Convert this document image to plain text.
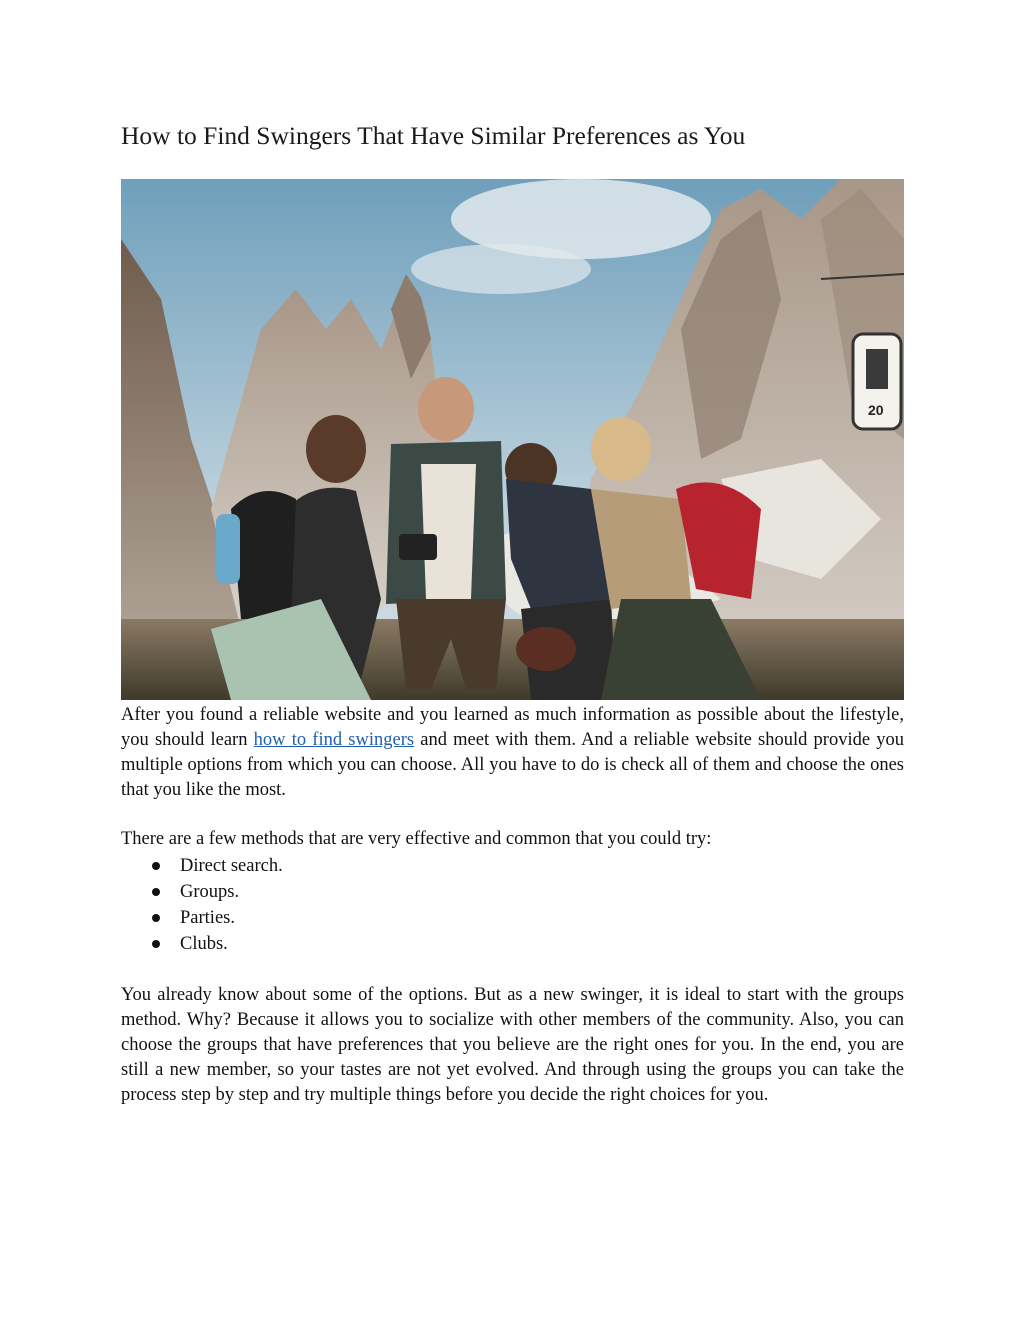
How to Find Swingers That Have Similar Preferences as You
20

After you found a reliable website and you learned as much information as possible about the lifestyle, you should learn how to find swingers and meet with them. And a reliable website should provide you multiple options from which you can choose. All you have to do is check all of them and choose the ones that you like the most.

There are a few methods that are very effective and common that you could try:

Direct search.
Groups.
Parties.
Clubs.

You already know about some of the options. But as a new swinger, it is ideal to start with the groups method. Why? Because it allows you to socialize with other members of the community. Also, you can choose the groups that have preferences that you believe are the right ones for you. In the end, you are still a new member, so your tastes are not yet evolved. And through using the groups you can take the process step by step and try multiple things before you decide the right choices for you.
